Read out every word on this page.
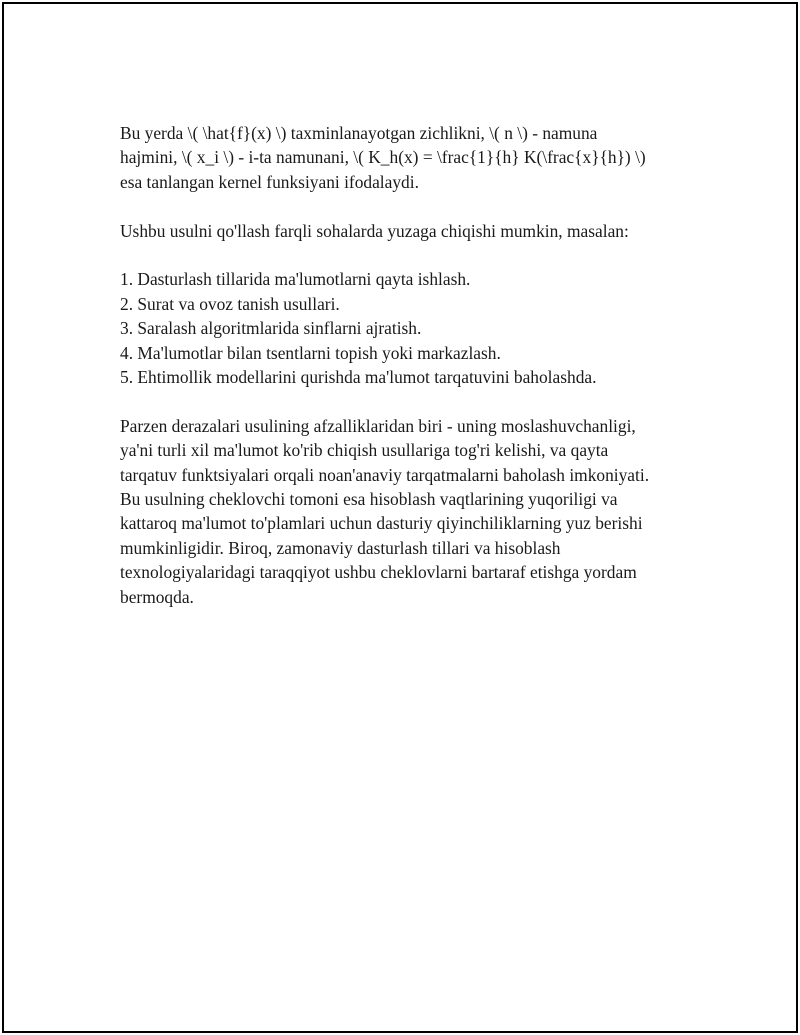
Bu yerda \( \hat{f}(x) \) taxminlanayotgan zichlikni, \( n \) - namuna
hajmini, \( x_i \) - i-ta namunani, \( K_h(x) = \frac{1}{h} K(\frac{x}{h}) \)
esa tanlangan kernel funksiyani ifodalaydi.

Ushbu usulni qo'llash farqli sohalarda yuzaga chiqishi mumkin, masalan:

1. Dasturlash tillarida ma'lumotlarni qayta ishlash.
2. Surat va ovoz tanish usullari.
3. Saralash algoritmlarida sinflarni ajratish.
4. Ma'lumotlar bilan tsentlarni topish yoki markazlash.
5. Ehtimollik modellarini qurishda ma'lumot tarqatuvini baholashda.

Parzen derazalari usulining afzalliklaridan biri - uning moslashuvchanligi,
ya'ni turli xil ma'lumot ko'rib chiqish usullariga tog'ri kelishi, va qayta
tarqatuv funktsiyalari orqali noan'anaviy tarqatmalarni baholash imkoniyati.
Bu usulning cheklovchi tomoni esa hisoblash vaqtlarining yuqoriligi va
kattaroq ma'lumot to'plamlari uchun dasturiy qiyinchiliklarning yuz berishi
mumkinligidir. Biroq, zamonaviy dasturlash tillari va hisoblash
texnologiyalaridagi taraqqiyot ushbu cheklovlarni bartaraf etishga yordam
bermoqda.
